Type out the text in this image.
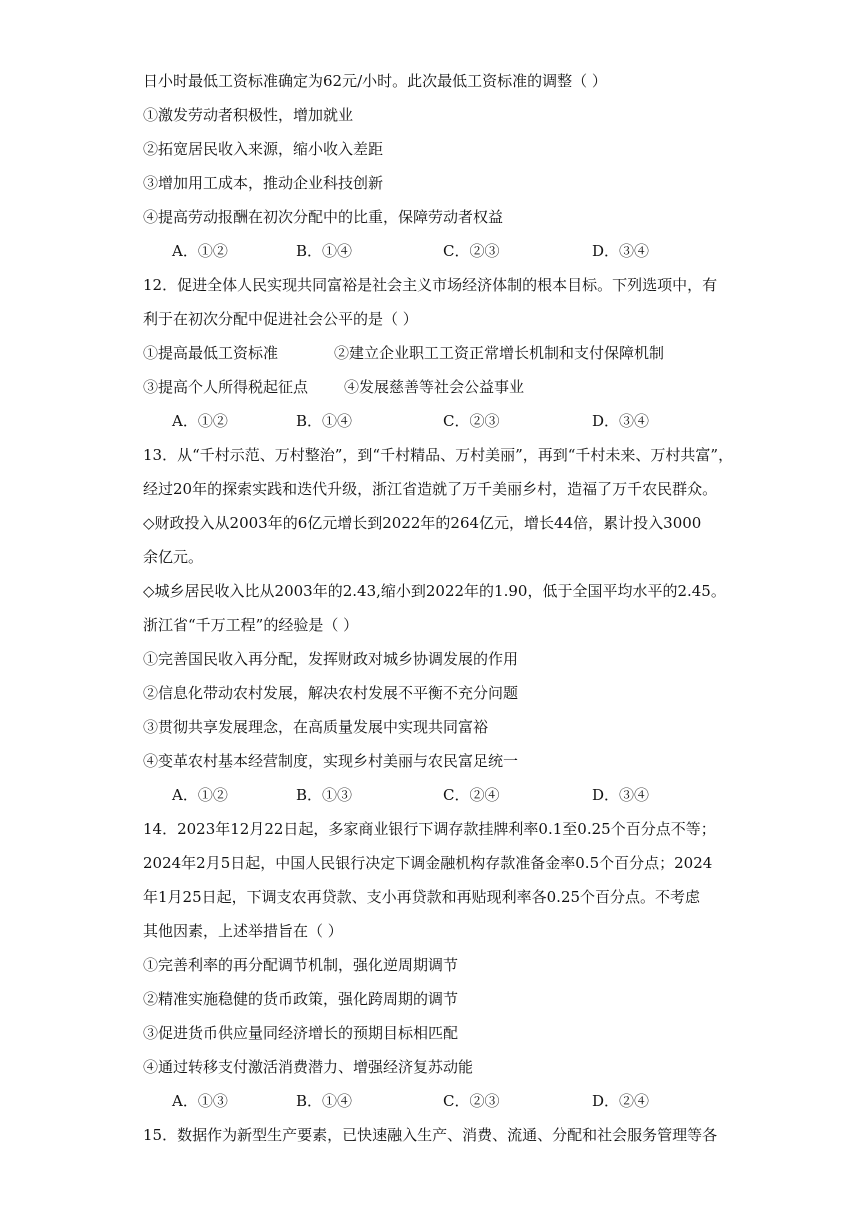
日小时最低工资标准确定为62元/小时。此次最低工资标准的调整（ ）
①激发劳动者积极性，增加就业
②拓宽居民收入来源，缩小收入差距
③增加用工成本，推动企业科技创新
④提高劳动报酬在初次分配中的比重，保障劳动者权益
A．①②	B．①④	C．②③	D．③④
12．促进全体人民实现共同富裕是社会主义市场经济体制的根本目标。下列选项中，有
利于在初次分配中促进社会公平的是（ ）
①提高最低工资标准	②建立企业职工工资正常增长机制和支付保障机制
③提高个人所得税起征点 ④发展慈善等社会公益事业
A．①②	B．①④	C．②③	D．③④
13．从“千村示范、万村整治”，到“千村精品、万村美丽”，再到“千村未来、万村共富”，
经过20年的探索实践和迭代升级，浙江省造就了万千美丽乡村，造福了万千农民群众。
◇财政投入从2003年的6亿元增长到2022年的264亿元，增长44倍，累计投入3000
余亿元。
◇城乡居民收入比从2003年的2.43,缩小到2022年的1.90，低于全国平均水平的2.45。
浙江省“千万工程”的经验是（ ）
①完善国民收入再分配，发挥财政对城乡协调发展的作用
②信息化带动农村发展，解决农村发展不平衡不充分问题
③贯彻共享发展理念，在高质量发展中实现共同富裕
④变革农村基本经营制度，实现乡村美丽与农民富足统一
A．①②	B．①③	C．②④	D．③④
14．2023年12月22日起，多家商业银行下调存款挂牌利率0.1至0.25个百分点不等；
2024年2月5日起，中国人民银行决定下调金融机构存款准备金率0.5个百分点；2024
年1月25日起，下调支农再贷款、支小再贷款和再贴现利率各0.25个百分点。不考虑
其他因素，上述举措旨在（ ）
①完善利率的再分配调节机制，强化逆周期调节
②精准实施稳健的货币政策，强化跨周期的调节
③促进货币供应量同经济增长的预期目标相匹配
④通过转移支付激活消费潜力、增强经济复苏动能
A．①③	B．①④	C．②③	D．②④
15．数据作为新型生产要素，已快速融入生产、消费、流通、分配和社会服务管理等各
